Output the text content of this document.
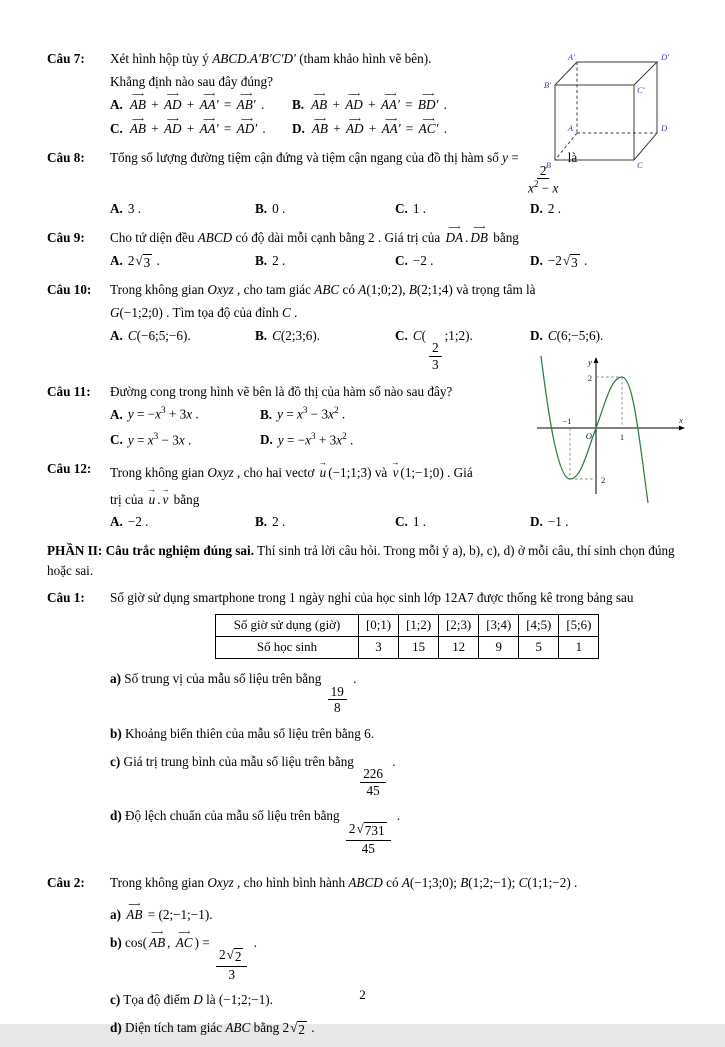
Câu 7:	Xét hình hộp tùy ý ABCD.A′B′C′D′ (tham khảo hình vẽ bên).

Khẳng định nào sau đây đúng?

A.
⟶
AB +
⟶
AD +
⟶
AA′ =
⟶
AB′ . B.
⟶
AB +
⟶
AD +
⟶
AA′ =
⟶
BD′ .
C.
⟶
AB +
⟶
AD +
⟶
AA′ =
⟶
AD′ . D.
⟶
AB +
⟶
AD +
⟶
AA′ =
⟶
AC′ .
Câu 8:	Tổng số lượng đường tiệm cận đứng và tiệm cận ngang của đồ thị hàm số y =
$\frac{2}{x^2 - x}$
là

A. 3 .	B. 0 .	C. 1 .	D. 2 .
Câu 9:	Cho tứ diện đều ABCD có độ dài mỗi cạnh bằng 2 . Giá trị của
⟶
DA .
⟶
DB bằng

A. 2 √ 3 .	B. 2 .	C. −2 .	D. −2 √ 3 .
Câu 10:	Trong không gian Oxyz , cho tam giác ABC có A(1;0;2), B(2;1;4) và trọng tâm là

G(−1;2;0) . Tìm tọa độ của đỉnh C .

A. C(−6;5;−6).	B. C(2;3;6).	C. C(
$\frac{2}{3}$
;1;2).	D. C(6;−5;6).
Câu 11:	Đường cong trong hình vẽ bên là đồ thị của hàm số nào sau đây?

A. $y = -x^3 + 3x$ .	B. $y = x^3 - 3x^2$ .
C. $y = x^3 - 3x$ .	D. $y = -x^3 + 3x^2$ .
Câu 12:	Trong không gian Oxyz , cho hai vectơ
→
u (−1;1;3) và
→
v (1;−1;0) . Giá

trị của
→
u .
→
v bằng

A. −2 .	B. 2 .	C. 1 .	D. −1 .

PHẦN II: Câu trắc nghiệm đúng sai. Thí sinh trả lời câu hỏi. Trong mỗi ý a), b), c), d) ở mỗi câu, thí sinh chọn đúng hoặc sai.

Câu 1:	Số giờ sử dụng smartphone trong 1 ngày nghỉ của học sinh lớp 12A7 được thống kê trong bảng sau

Số giờ sử dụng (giờ)	[0;1)	[1;2)	[2;3)	[3;4)	[4;5)	[5;6)
Số học sinh	3	15	12	9	5	1
a) Số trung vị của mẫu số liệu trên bằng
$\frac{19}{8}$
.
b) Khoảng biến thiên của mẫu số liệu trên bằng 6.
c) Giá trị trung bình của mẫu số liệu trên bằng
$\frac{226}{45}$
.
d) Độ lệch chuẩn của mẫu số liệu trên bằng
$\frac{2 √ 731}{45}$
.
Câu 2:	Trong không gian Oxyz , cho hình bình hành ABCD có A(−1;3;0); B(1;2;−1); C(1;1;−2) .

a)
⟶
AB = (2;−1;−1).
b) cos(
⟶
AB ,
⟶
AC ) =
$\frac{2 √ 2}{3}$
.
c) Tọa độ điểm D là (−1;2;−1).
d) Diện tích tam giác ABC bằng 2 √ 2 .
A′	D′
B′	C′
A	D
B	C
y
2
−1
O	1
x
2
2
